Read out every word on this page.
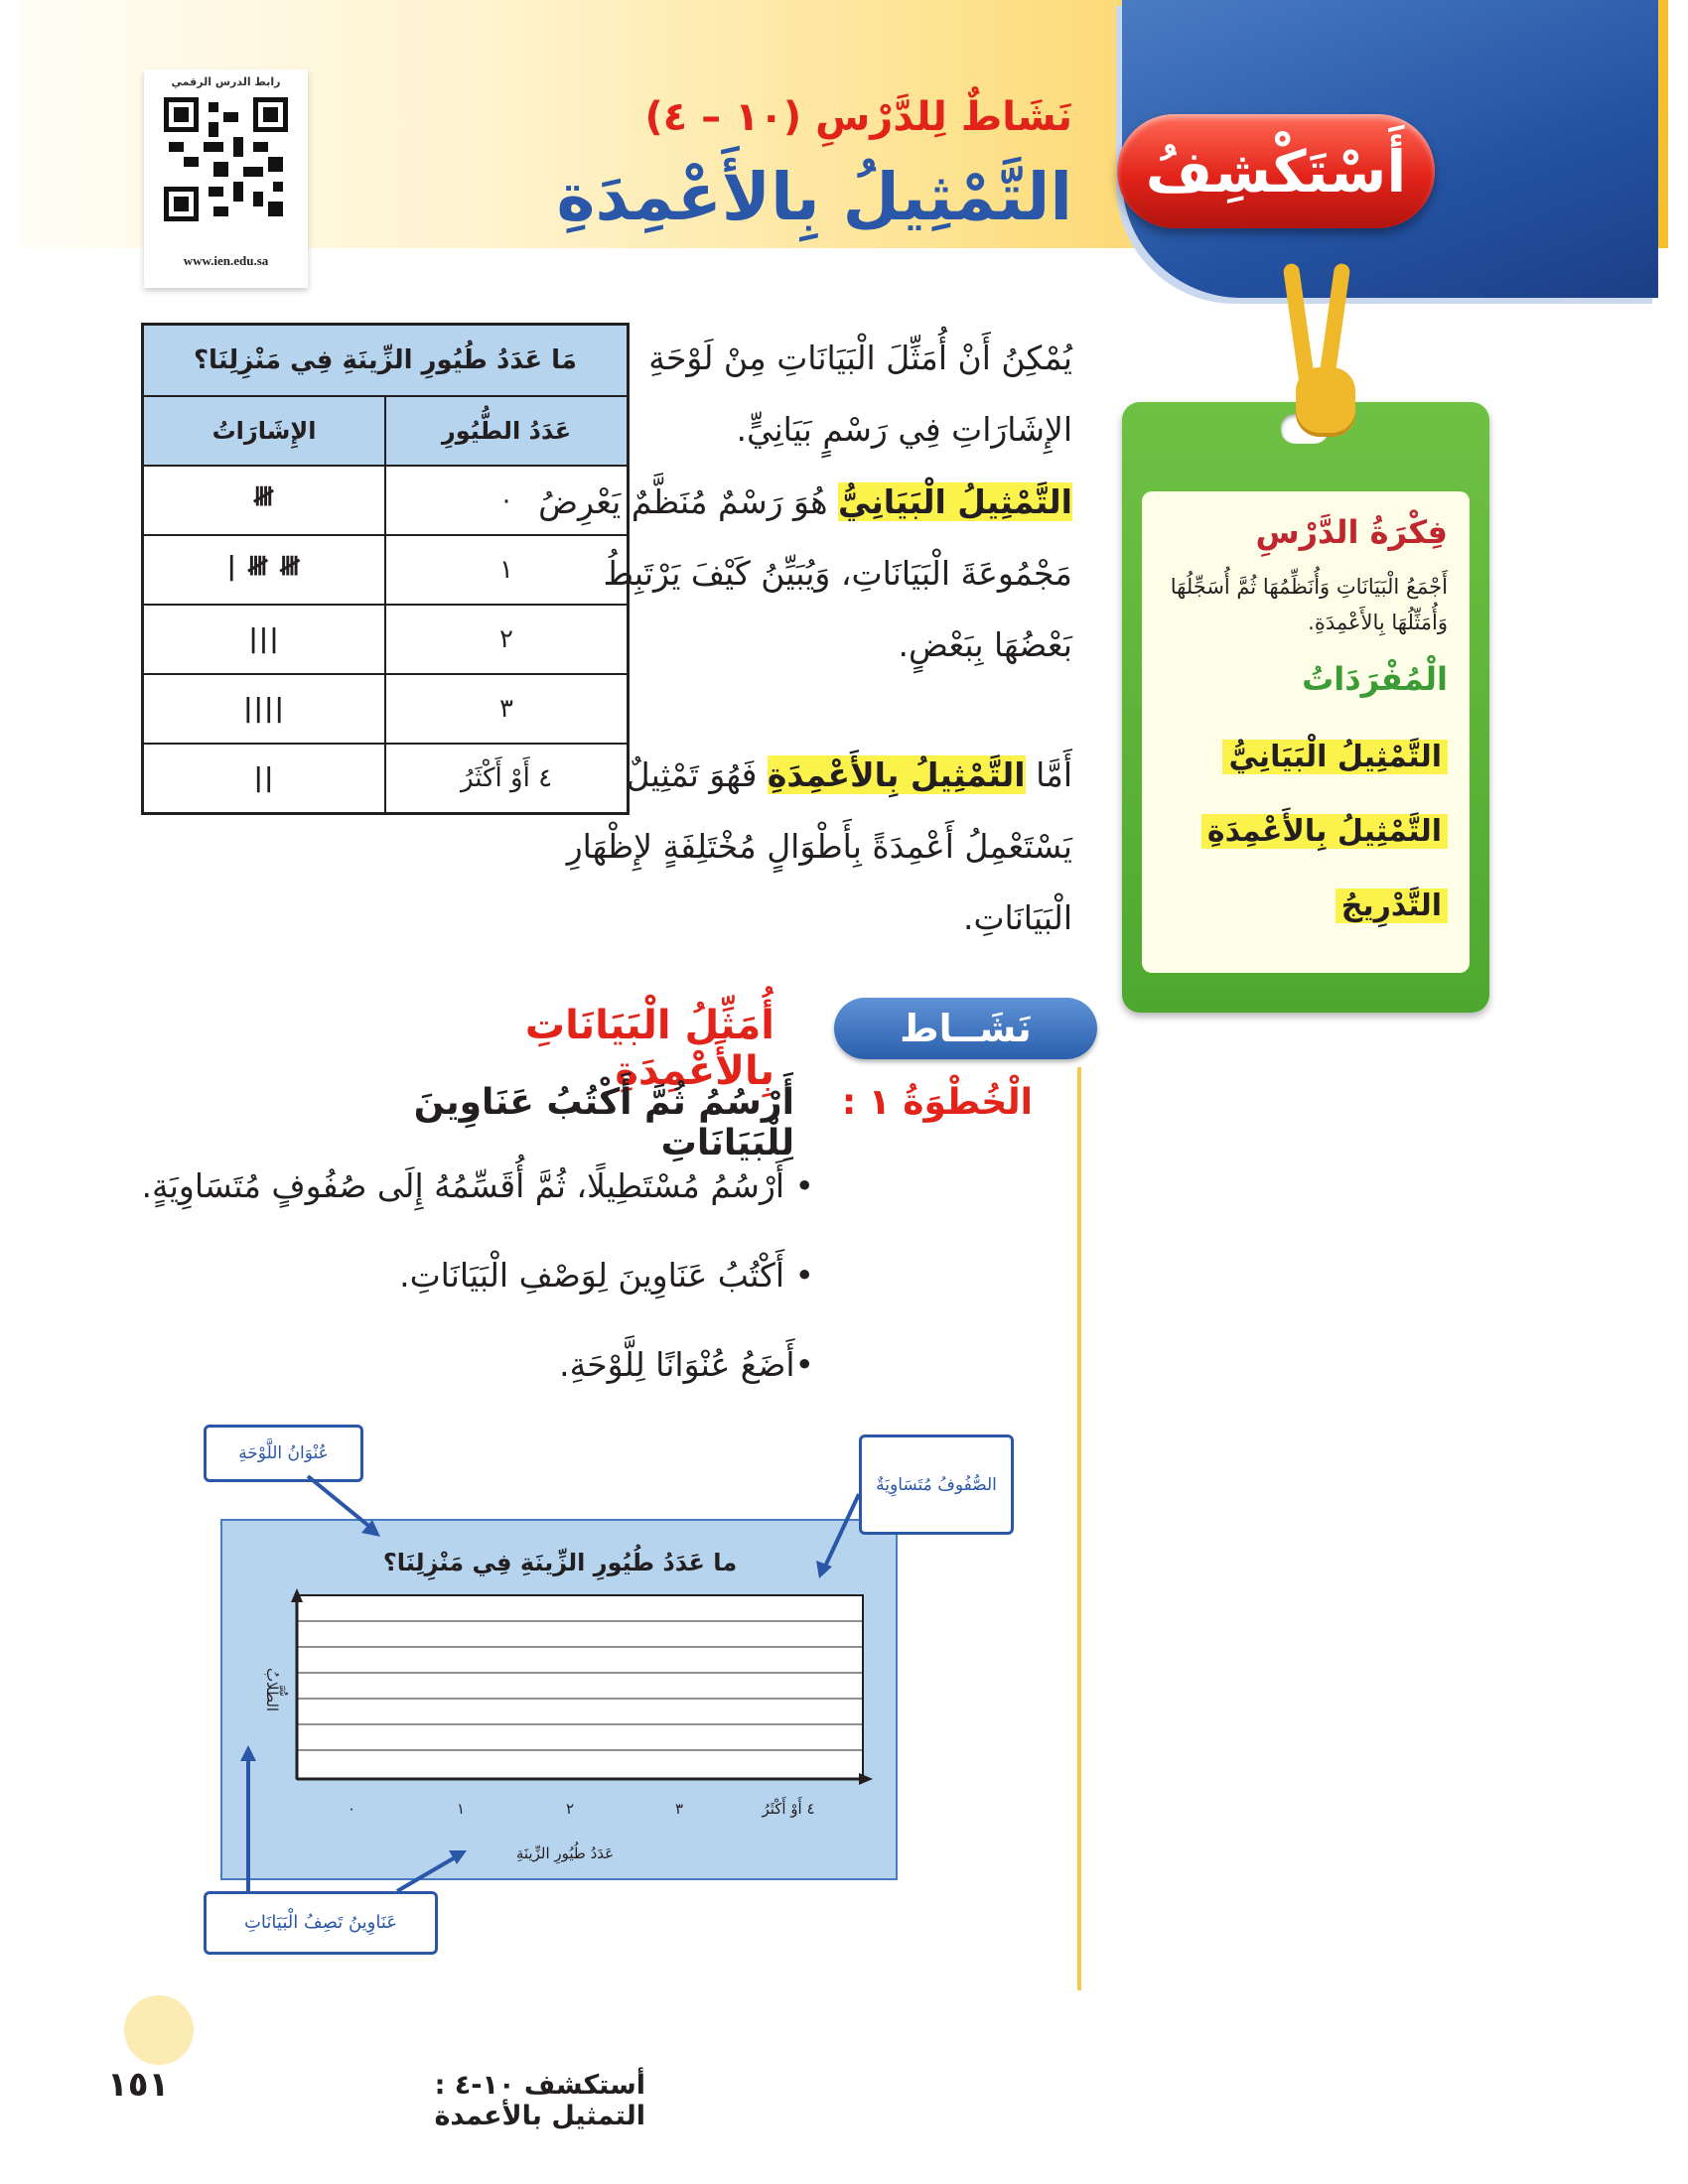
أَسْتَكْشِفُ
رابط الدرس الرقمي
www.ien.edu.sa
نَشَاطٌ لِلدَّرْسِ (١٠ – ٤)
التَّمْثِيلُ بِالأَعْمِدَةِ
فِكْرَةُ الدَّرْسِ
أَجْمَعُ الْبَيَانَاتِ وَأُنَظِّمُهَا ثُمَّ أُسَجِّلُهَا وَأُمَثِّلُهَا بِالأَعْمِدَةِ.
الْمُفْرَدَاتُ
التَّمْثِيلُ الْبَيَانِيُّ
التَّمْثِيلُ بِالأَعْمِدَةِ
التَّدْرِيجُ
يُمْكِنُ أَنْ أُمَثِّلَ الْبَيَانَاتِ مِنْ لَوْحَةِ الإِشَارَاتِ فِي رَسْمٍ بَيَانِيٍّ.
التَّمْثِيلُ الْبَيَانِيُّ هُوَ رَسْمٌ مُنَظَّمٌ يَعْرِضُ مَجْمُوعَةَ الْبَيَانَاتِ، وَيُبَيِّنُ كَيْفَ يَرْتَبِطُ بَعْضُهَا بِبَعْضٍ.
أَمَّا التَّمْثِيلُ بِالأَعْمِدَةِ فَهُوَ تَمْثِيلٌ يَسْتَعْمِلُ أَعْمِدَةً بِأَطْوَالٍ مُخْتَلِفَةٍ لإِظْهَارِ الْبَيَانَاتِ.
مَا عَدَدُ طُيُورِ الزِّينَةِ فِي مَنْزِلِنَا؟	
عَدَدُ الطُّيُورِ	الإِشَارَاتُ
٠	𝍸
١	𝍸 𝍸 |
٢	|||
٣	||||
٤ أَوْ أَكْثَرُ	||
نَشَــاط
أُمَثِّلُ الْبَيَانَاتِ بِالأَعْمِدَةِ
الْخُطْوَةُ ١ :
أَرْسُمُ ثُمَّ أَكْتُبُ عَنَاوِينَ لِلْبَيَانَاتِ
• أَرْسُمُ مُسْتَطِيلًا، ثُمَّ أُقَسِّمُهُ إِلَى صُفُوفٍ مُتَسَاوِيَةٍ.
• أَكْتُبُ عَنَاوِينَ لِوَصْفِ الْبَيَانَاتِ.
•أَضَعُ عُنْوَانًا لِلَّوْحَةِ.
ما عَدَدُ طُيُورِ الزِّينَةِ فِي مَنْزِلِنَا؟
٠	١	٢	٣	٤ أَوْ أَكْثَرُ
عَدَدُ طُيُورِ الزِّينَةِ
الطُّلَّابُ
عُنْوَانُ اللَّوْحَةِ
الصُّفُوفُ مُتَسَاوِيَةٌ
عَنَاوِينُ تَصِفُ الْبَيَانَاتِ
أستكشف ١٠-٤ : التمثيل بالأعمدة
١٥١
